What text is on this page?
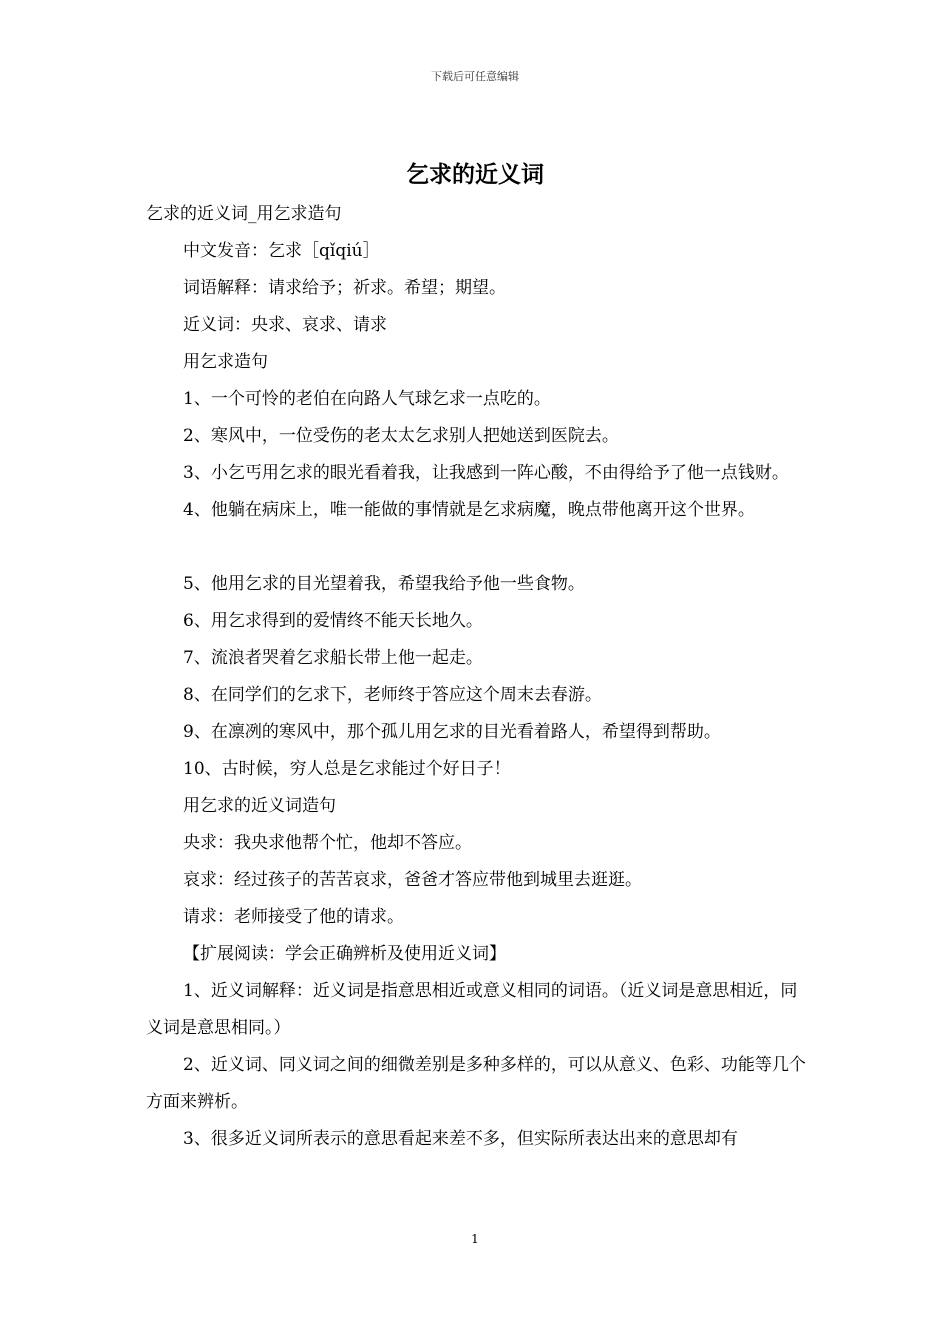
下载后可任意编辑
乞求的近义词

乞求的近义词_用乞求造句

中文发音：乞求［qǐqiú］

词语解释：请求给予；祈求。希望；期望。

近义词：央求、哀求、请求

用乞求造句

1、一个可怜的老伯在向路人气球乞求一点吃的。

2、寒风中，一位受伤的老太太乞求别人把她送到医院去。

3、小乞丐用乞求的眼光看着我，让我感到一阵心酸，不由得给予了他一点钱财。

4、他躺在病床上，唯一能做的事情就是乞求病魔，晚点带他离开这个世界。

5、他用乞求的目光望着我，希望我给予他一些食物。

6、用乞求得到的爱情终不能天长地久。

7、流浪者哭着乞求船长带上他一起走。

8、在同学们的乞求下，老师终于答应这个周末去春游。

9、在凛冽的寒风中，那个孤儿用乞求的目光看着路人，希望得到帮助。

10、古时候，穷人总是乞求能过个好日子！

用乞求的近义词造句

央求：我央求他帮个忙，他却不答应。

哀求：经过孩子的苦苦哀求，爸爸才答应带他到城里去逛逛。

请求：老师接受了他的请求。

【扩展阅读：学会正确辨析及使用近义词】

1、近义词解释：近义词是指意思相近或意义相同的词语。（近义词是意思相近，同义词是意思相同。）

2、近义词、同义词之间的细微差别是多种多样的，可以从意义、色彩、功能等几个方面来辨析。

3、很多近义词所表示的意思看起来差不多，但实际所表达出来的意思却有

1
